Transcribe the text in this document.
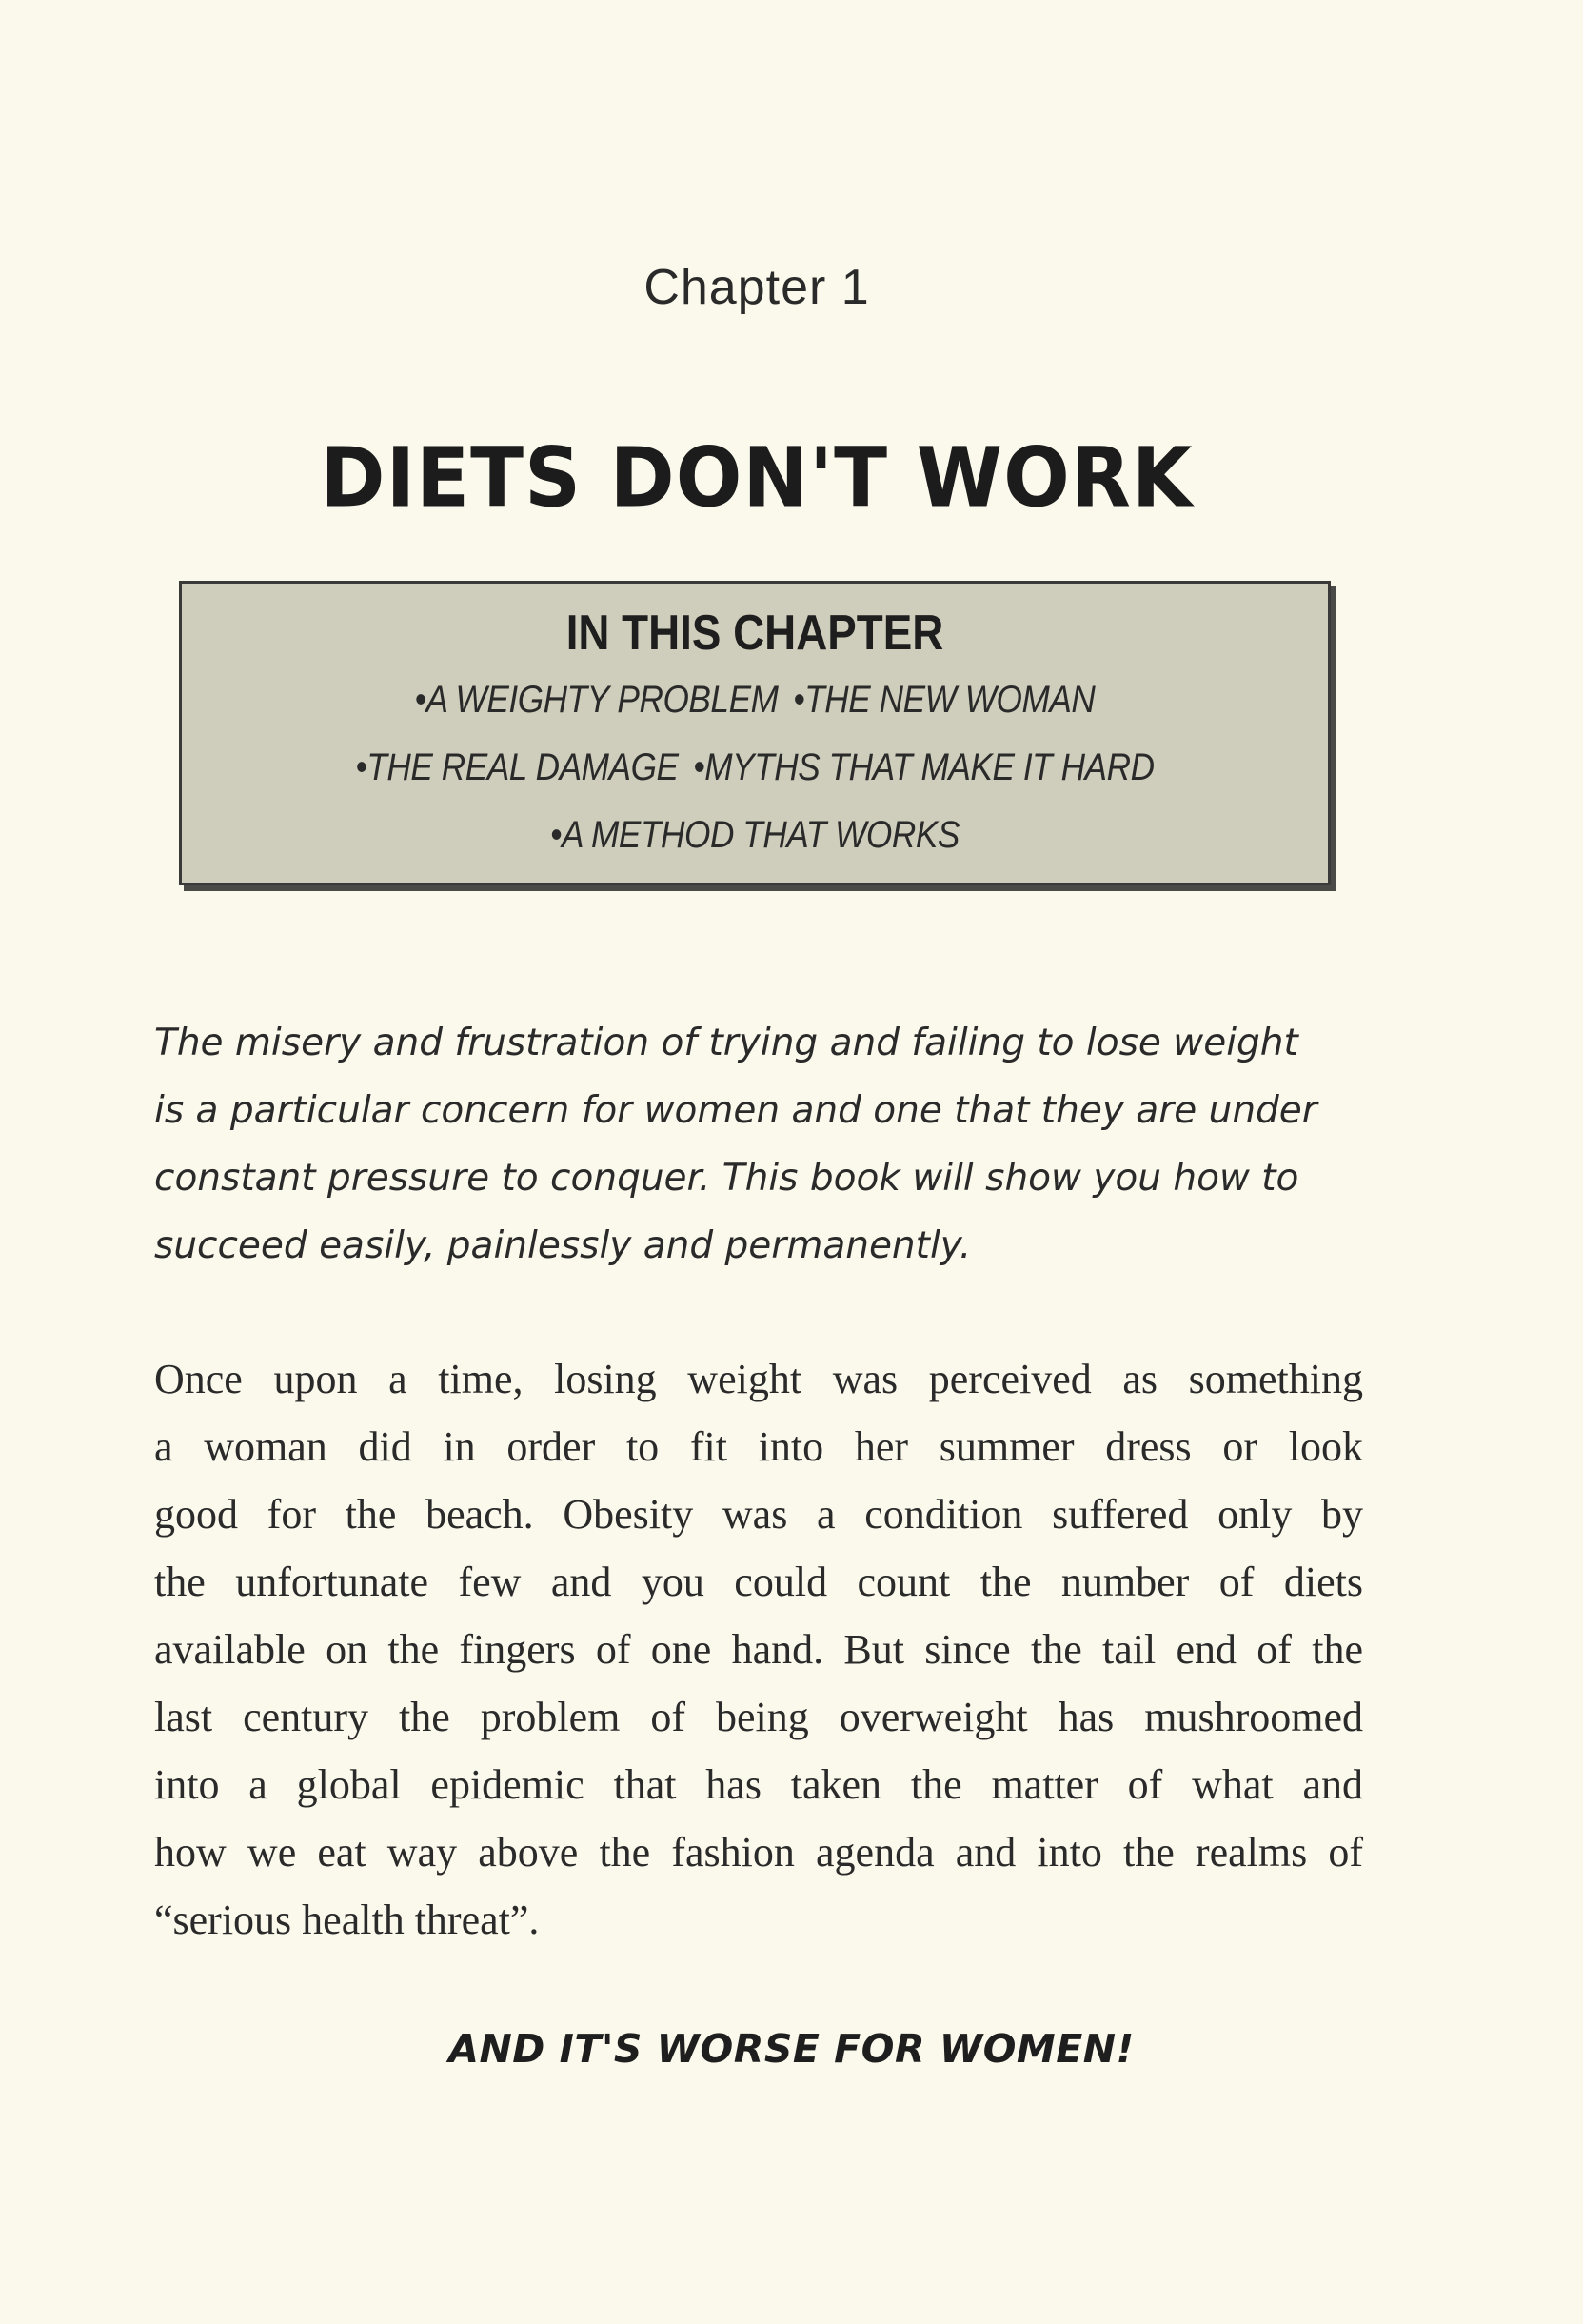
Chapter 1
DIETS DON'T WORK
IN THIS CHAPTER
•A WEIGHTY PROBLEM •THE NEW WOMAN
•THE REAL DAMAGE •MYTHS THAT MAKE IT HARD
•A METHOD THAT WORKS
The misery and frustration of trying and failing to lose weight
is a particular concern for women and one that they are under
constant pressure to conquer. This book will show you how to
succeed easily, painlessly and permanently.
Once upon a time, losing weight was perceived as something
a woman did in order to fit into her summer dress or look
good for the beach. Obesity was a condition suffered only by
the unfortunate few and you could count the number of diets
available on the fingers of one hand. But since the tail end of the
last century the problem of being overweight has mushroomed
into a global epidemic that has taken the matter of what and
how we eat way above the fashion agenda and into the realms of
“serious health threat”.
AND IT'S WORSE FOR WOMEN!
